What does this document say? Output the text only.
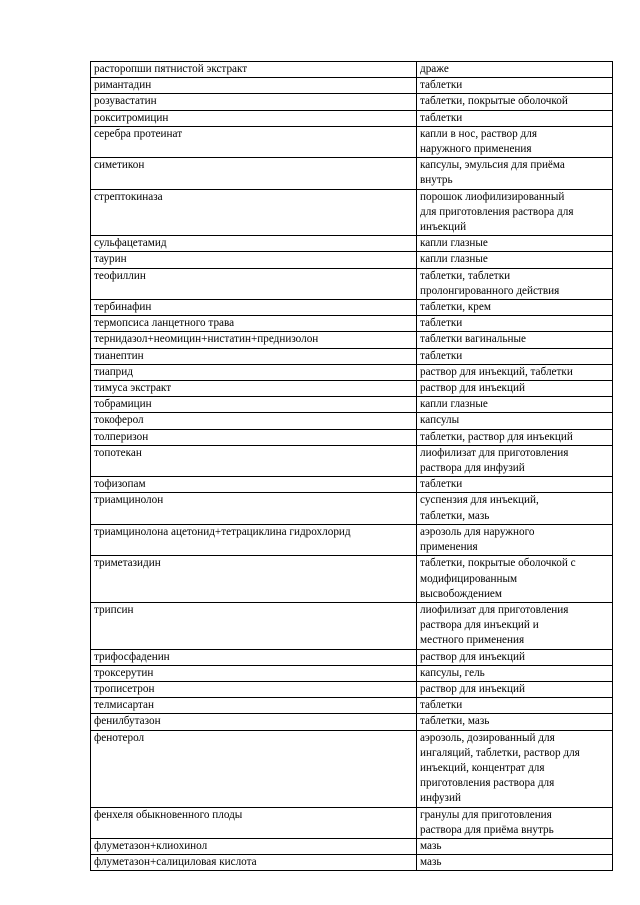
расторопши пятнистой экстракт	драже
римантадин	таблетки
розувастатин	таблетки, покрытые оболочкой
рокситромицин	таблетки
серебра протеинат	капли в нос, раствор для
наружного применения
симетикон	капсулы, эмульсия для приёма
внутрь
стрептокиназа	порошок лиофилизированный
для приготовления раствора для
инъекций
сульфацетамид	капли глазные
таурин	капли глазные
теофиллин	таблетки, таблетки
пролонгированного действия
тербинафин	таблетки, крем
термопсиса ланцетного трава	таблетки
тернидазол+неомицин+нистатин+преднизолон	таблетки вагинальные
тианептин	таблетки
тиаприд	раствор для инъекций, таблетки
тимуса экстракт	раствор для инъекций
тобрамицин	капли глазные
токоферол	капсулы
толперизон	таблетки, раствор для инъекций
топотекан	лиофилизат для приготовления
раствора для инфузий
тофизопам	таблетки
триамцинолон	суспензия для инъекций,
таблетки, мазь
триамцинолона ацетонид+тетрациклина гидрохлорид	аэрозоль для наружного
применения
триметазидин	таблетки, покрытые оболочкой с
модифицированным
высвобождением
трипсин	лиофилизат для приготовления
раствора для инъекций и
местного применения
трифосфаденин	раствор для инъекций
троксерутин	капсулы, гель
трописетрон	раствор для инъекций
телмисартан	таблетки
фенилбутазон	таблетки, мазь
фенотерол	аэрозоль, дозированный для
ингаляций, таблетки, раствор для
инъекций, концентрат для
приготовления раствора для
инфузий
фенхеля обыкновенного плоды	гранулы для приготовления
раствора для приёма внутрь
флуметазон+клиохинол	мазь
флуметазон+салициловая кислота	мазь
